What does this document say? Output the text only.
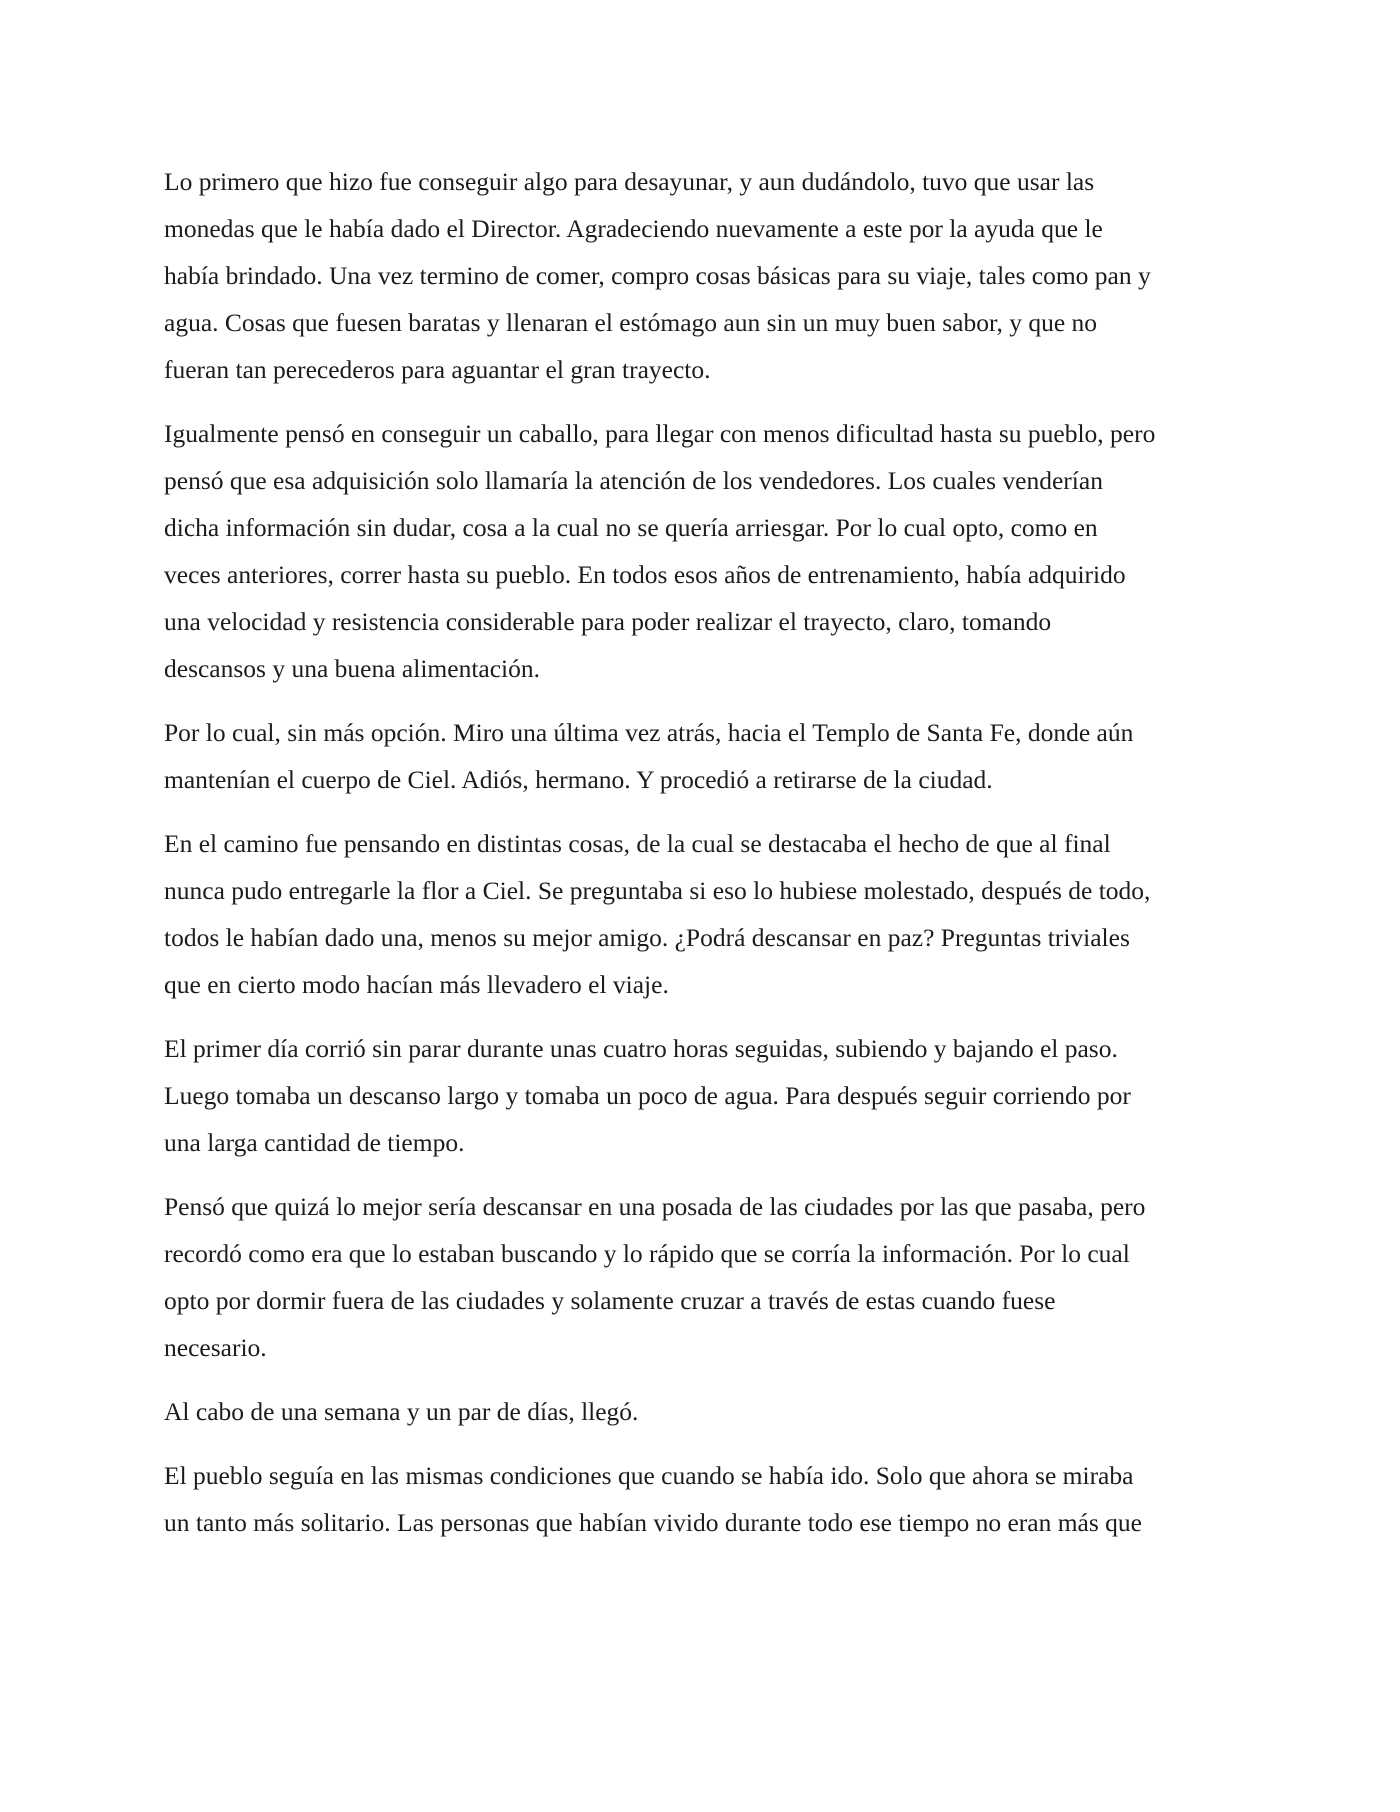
Lo primero que hizo fue conseguir algo para desayunar, y aun dudándolo, tuvo que usar las
monedas que le había dado el Director. Agradeciendo nuevamente a este por la ayuda que le
había brindado. Una vez termino de comer, compro cosas básicas para su viaje, tales como pan y
agua. Cosas que fuesen baratas y llenaran el estómago aun sin un muy buen sabor, y que no
fueran tan perecederos para aguantar el gran trayecto.

Igualmente pensó en conseguir un caballo, para llegar con menos dificultad hasta su pueblo, pero
pensó que esa adquisición solo llamaría la atención de los vendedores. Los cuales venderían
dicha información sin dudar, cosa a la cual no se quería arriesgar. Por lo cual opto, como en
veces anteriores, correr hasta su pueblo. En todos esos años de entrenamiento, había adquirido
una velocidad y resistencia considerable para poder realizar el trayecto, claro, tomando
descansos y una buena alimentación.

Por lo cual, sin más opción. Miro una última vez atrás, hacia el Templo de Santa Fe, donde aún
mantenían el cuerpo de Ciel. Adiós, hermano. Y procedió a retirarse de la ciudad.

En el camino fue pensando en distintas cosas, de la cual se destacaba el hecho de que al final
nunca pudo entregarle la flor a Ciel. Se preguntaba si eso lo hubiese molestado, después de todo,
todos le habían dado una, menos su mejor amigo. ¿Podrá descansar en paz? Preguntas triviales
que en cierto modo hacían más llevadero el viaje.

El primer día corrió sin parar durante unas cuatro horas seguidas, subiendo y bajando el paso.
Luego tomaba un descanso largo y tomaba un poco de agua. Para después seguir corriendo por
una larga cantidad de tiempo.

Pensó que quizá lo mejor sería descansar en una posada de las ciudades por las que pasaba, pero
recordó como era que lo estaban buscando y lo rápido que se corría la información. Por lo cual
opto por dormir fuera de las ciudades y solamente cruzar a través de estas cuando fuese
necesario.

Al cabo de una semana y un par de días, llegó.

El pueblo seguía en las mismas condiciones que cuando se había ido. Solo que ahora se miraba
un tanto más solitario. Las personas que habían vivido durante todo ese tiempo no eran más que
